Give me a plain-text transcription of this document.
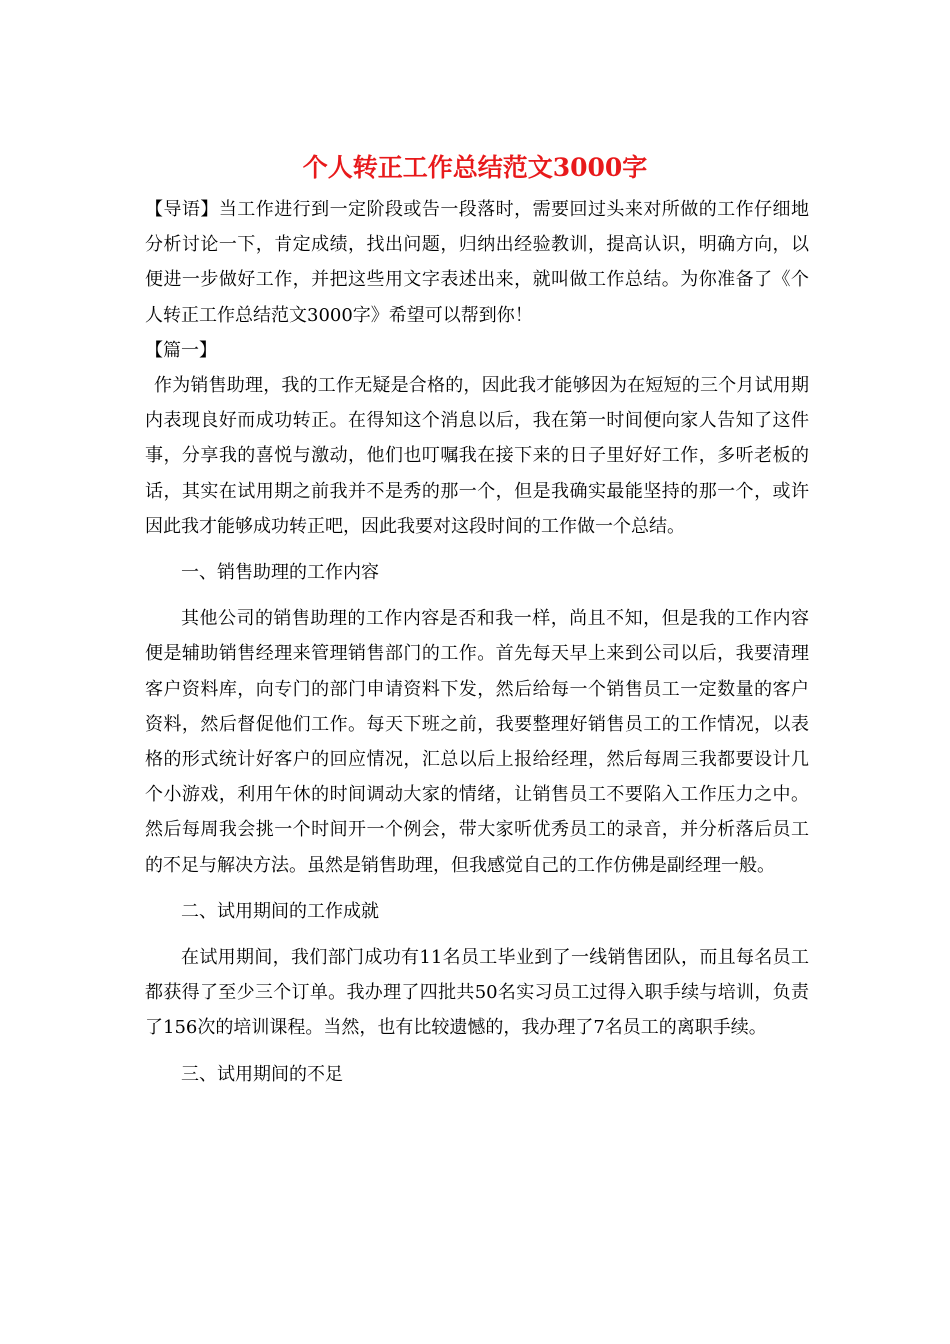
个人转正工作总结范文3000字

【导语】当工作进行到一定阶段或告一段落时，需要回过头来对所做的工作仔细地分析讨论一下，肯定成绩，找出问题，归纳出经验教训，提高认识，明确方向，以便进一步做好工作，并把这些用文字表述出来，就叫做工作总结。为你准备了《个人转正工作总结范文3000字》希望可以帮到你！

【篇一】

作为销售助理，我的工作无疑是合格的，因此我才能够因为在短短的三个月试用期内表现良好而成功转正。在得知这个消息以后，我在第一时间便向家人告知了这件事，分享我的喜悦与激动，他们也叮嘱我在接下来的日子里好好工作，多听老板的话，其实在试用期之前我并不是秀的那一个，但是我确实最能坚持的那一个，或许因此我才能够成功转正吧，因此我要对这段时间的工作做一个总结。

一、销售助理的工作内容

其他公司的销售助理的工作内容是否和我一样，尚且不知，但是我的工作内容便是辅助销售经理来管理销售部门的工作。首先每天早上来到公司以后，我要清理客户资料库，向专门的部门申请资料下发，然后给每一个销售员工一定数量的客户资料，然后督促他们工作。每天下班之前，我要整理好销售员工的工作情况，以表格的形式统计好客户的回应情况，汇总以后上报给经理，然后每周三我都要设计几个小游戏，利用午休的时间调动大家的情绪，让销售员工不要陷入工作压力之中。然后每周我会挑一个时间开一个例会，带大家听优秀员工的录音，并分析落后员工的不足与解决方法。虽然是销售助理，但我感觉自己的工作仿佛是副经理一般。

二、试用期间的工作成就

在试用期间，我们部门成功有11名员工毕业到了一线销售团队，而且每名员工都获得了至少三个订单。我办理了四批共50名实习员工过得入职手续与培训，负责了156次的培训课程。当然，也有比较遗憾的，我办理了7名员工的离职手续。

三、试用期间的不足
